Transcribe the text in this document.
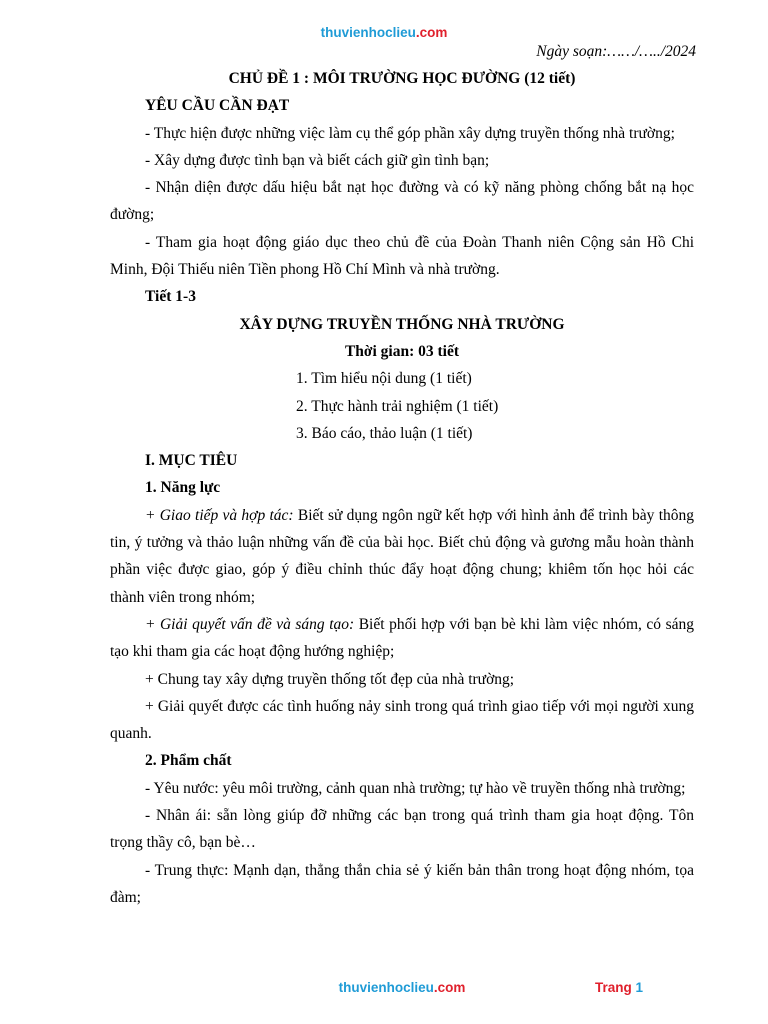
thuvienhoclieu.com
Ngày soạn:……/…../2024

CHỦ ĐỀ 1 : MÔI TRƯỜNG HỌC ĐƯỜNG (12 tiết)

YÊU CẦU CẦN ĐẠT

- Thực hiện được những việc làm cụ thể góp phần xây dựng truyền thống nhà trường;

- Xây dựng được tình bạn và biết cách giữ gìn tình bạn;

- Nhận diện được dấu hiệu bắt nạt học đường và có kỹ năng phòng chống bắt nạ học đường;

- Tham gia hoạt động giáo dục theo chủ đề của Đoàn Thanh niên Cộng sản Hồ Chi Minh, Đội Thiếu niên Tiền phong Hồ Chí Mình và nhà trường.

Tiết 1-3

XÂY DỰNG TRUYỀN THỐNG NHÀ TRƯỜNG

Thời gian: 03 tiết

1. Tìm hiểu nội dung (1 tiết)

2. Thực hành trải nghiệm (1 tiết)

3. Báo cáo, thảo luận (1 tiết)

I. MỤC TIÊU

1. Năng lực

+ Giao tiếp và hợp tác: Biết sử dụng ngôn ngữ kết hợp với hình ảnh để trình bày thông tin, ý tưởng và thảo luận những vấn đề của bài học. Biết chủ động và gương mẫu hoàn thành phần việc được giao, góp ý điều chỉnh thúc đẩy hoạt động chung; khiêm tốn học hỏi các thành viên trong nhóm;

+ Giải quyết vấn đề và sáng tạo: Biết phối hợp với bạn bè khi làm việc nhóm, có sáng tạo khi tham gia các hoạt động hướng nghiệp;

+ Chung tay xây dựng truyền thống tốt đẹp của nhà trường;

+ Giải quyết được các tình huống nảy sinh trong quá trình giao tiếp với mọi người xung quanh.

2. Phẩm chất

- Yêu nước: yêu môi trường, cảnh quan nhà trường; tự hào về truyền thống nhà trường;

- Nhân ái: sẵn lòng giúp đỡ những các bạn trong quá trình tham gia hoạt động. Tôn trọng thầy cô, bạn bè…

- Trung thực: Mạnh dạn, thẳng thắn chia sẻ ý kiến bản thân trong hoạt động nhóm, tọa đàm;

thuvienhoclieu.com	Trang 1
